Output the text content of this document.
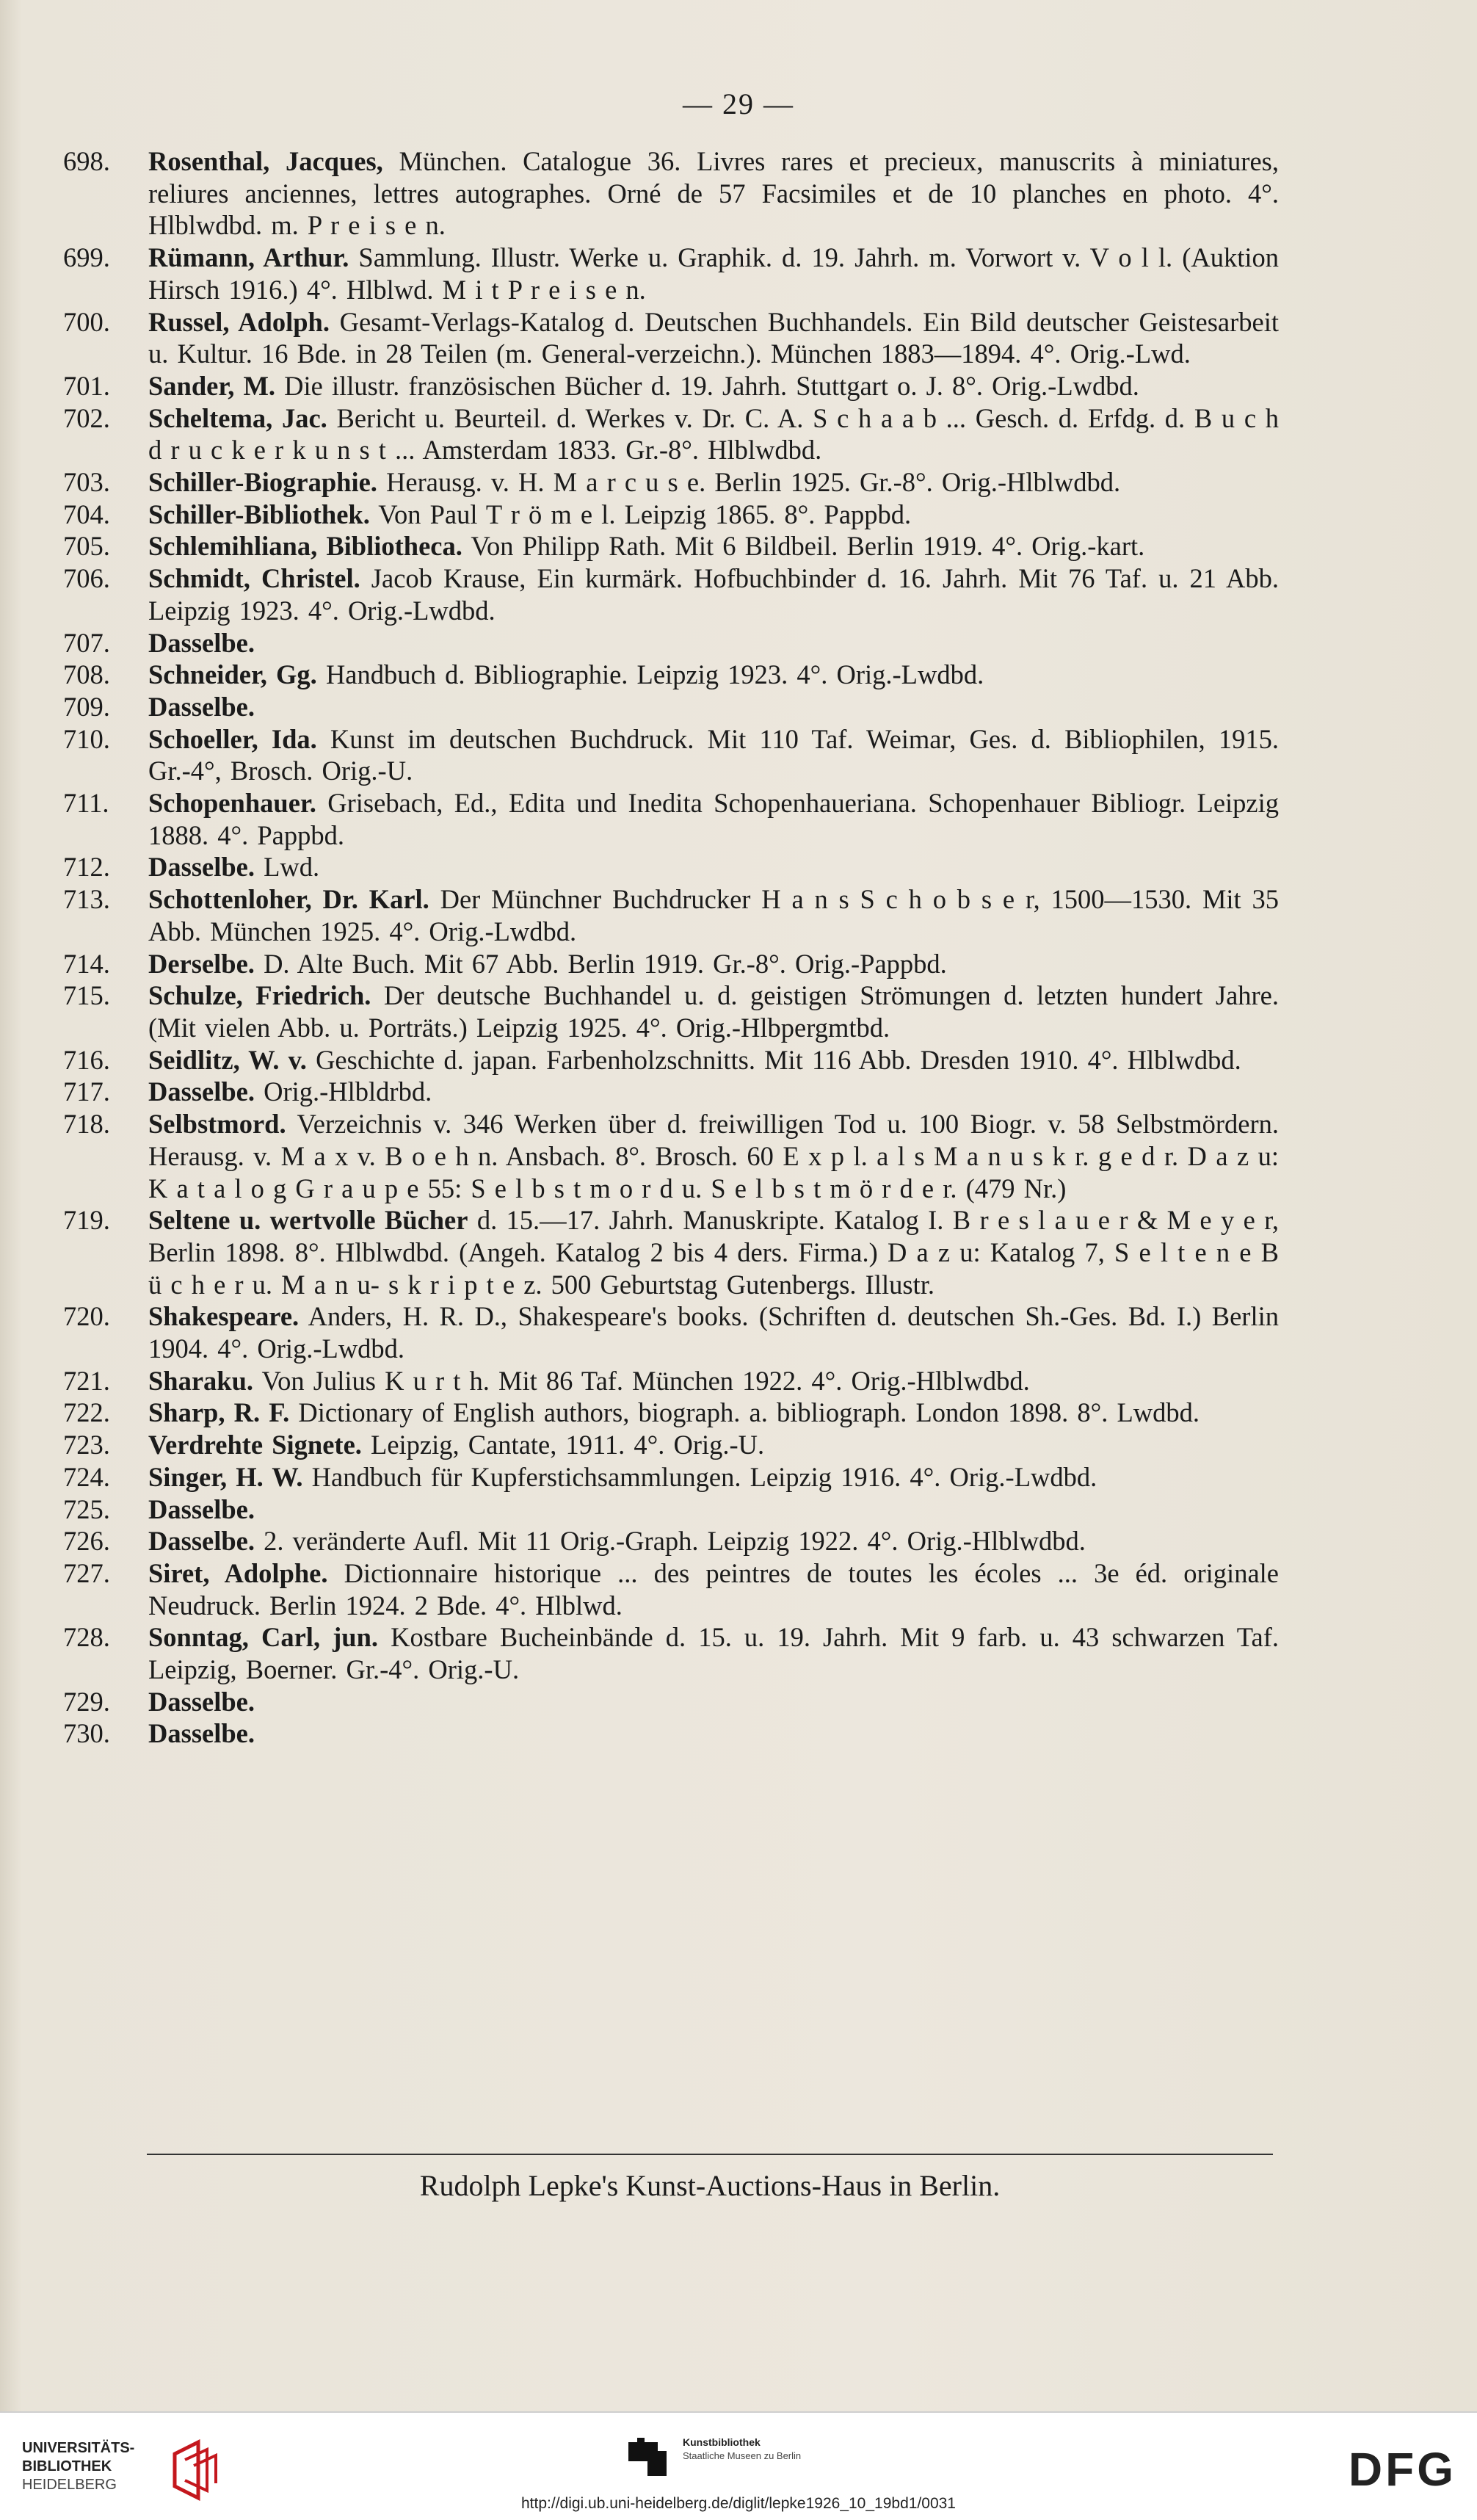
— 29 —
698.	Rosenthal, Jacques, München. Catalogue 36. Livres rares et precieux, manuscrits à miniatures, reliures anciennes, lettres autographes. Orné de 57 Facsimiles et de 10 planches en photo. 4°. Hlblwdbd. m. P r e i s e n.
699.	Rümann, Arthur. Sammlung. Illustr. Werke u. Graphik. d. 19. Jahrh. m. Vorwort v. V o l l. (Auktion Hirsch 1916.) 4°. Hlblwd. M i t P r e i s e n.
700.	Russel, Adolph. Gesamt-Verlags-Katalog d. Deutschen Buchhandels. Ein Bild deutscher Geistesarbeit u. Kultur. 16 Bde. in 28 Teilen (m. General-verzeichn.). München 1883—1894. 4°. Orig.-Lwd.
701.	Sander, M. Die illustr. französischen Bücher d. 19. Jahrh. Stuttgart o. J. 8°. Orig.-Lwdbd.
702.	Scheltema, Jac. Bericht u. Beurteil. d. Werkes v. Dr. C. A. S c h a a b ... Gesch. d. Erfdg. d. B u c h d r u c k e r k u n s t ... Amsterdam 1833. Gr.-8°. Hlblwdbd.
703.	Schiller-Biographie. Herausg. v. H. M a r c u s e. Berlin 1925. Gr.-8°. Orig.-Hlblwdbd.
704.	Schiller-Bibliothek. Von Paul T r ö m e l. Leipzig 1865. 8°. Pappbd.
705.	Schlemihliana, Bibliotheca. Von Philipp Rath. Mit 6 Bildbeil. Berlin 1919. 4°. Orig.-kart.
706.	Schmidt, Christel. Jacob Krause, Ein kurmärk. Hofbuchbinder d. 16. Jahrh. Mit 76 Taf. u. 21 Abb. Leipzig 1923. 4°. Orig.-Lwdbd.
707.	Dasselbe.
708.	Schneider, Gg. Handbuch d. Bibliographie. Leipzig 1923. 4°. Orig.-Lwdbd.
709.	Dasselbe.
710.	Schoeller, Ida. Kunst im deutschen Buchdruck. Mit 110 Taf. Weimar, Ges. d. Bibliophilen, 1915. Gr.-4°, Brosch. Orig.-U.
711.	Schopenhauer. Grisebach, Ed., Edita und Inedita Schopenhaueriana. Schopenhauer Bibliogr. Leipzig 1888. 4°. Pappbd.
712.	Dasselbe. Lwd.
713.	Schottenloher, Dr. Karl. Der Münchner Buchdrucker H a n s S c h o b s e r, 1500—1530. Mit 35 Abb. München 1925. 4°. Orig.-Lwdbd.
714.	Derselbe. D. Alte Buch. Mit 67 Abb. Berlin 1919. Gr.-8°. Orig.-Pappbd.
715.	Schulze, Friedrich. Der deutsche Buchhandel u. d. geistigen Strömungen d. letzten hundert Jahre. (Mit vielen Abb. u. Porträts.) Leipzig 1925. 4°. Orig.-Hlbpergmtbd.
716.	Seidlitz, W. v. Geschichte d. japan. Farbenholzschnitts. Mit 116 Abb. Dresden 1910. 4°. Hlblwdbd.
717.	Dasselbe. Orig.-Hlbldrbd.
718.	Selbstmord. Verzeichnis v. 346 Werken über d. freiwilligen Tod u. 100 Biogr. v. 58 Selbstmördern. Herausg. v. M a x v. B o e h n. Ansbach. 8°. Brosch. 60 E x p l. a l s M a n u s k r. g e d r. D a z u: K a t a l o g G r a u p e 55: S e l b s t m o r d u. S e l b s t m ö r d e r. (479 Nr.)
719.	Seltene u. wertvolle Bücher d. 15.—17. Jahrh. Manuskripte. Katalog I. B r e s l a u e r & M e y e r, Berlin 1898. 8°. Hlblwdbd. (Angeh. Katalog 2 bis 4 ders. Firma.) D a z u: Katalog 7, S e l t e n e B ü c h e r u. M a n u- s k r i p t e z. 500 Geburtstag Gutenbergs. Illustr.
720.	Shakespeare. Anders, H. R. D., Shakespeare's books. (Schriften d. deutschen Sh.-Ges. Bd. I.) Berlin 1904. 4°. Orig.-Lwdbd.
721.	Sharaku. Von Julius K u r t h. Mit 86 Taf. München 1922. 4°. Orig.-Hlblwdbd.
722.	Sharp, R. F. Dictionary of English authors, biograph. a. bibliograph. London 1898. 8°. Lwdbd.
723.	Verdrehte Signete. Leipzig, Cantate, 1911. 4°. Orig.-U.
724.	Singer, H. W. Handbuch für Kupferstichsammlungen. Leipzig 1916. 4°. Orig.-Lwdbd.
725.	Dasselbe.
726.	Dasselbe. 2. veränderte Aufl. Mit 11 Orig.-Graph. Leipzig 1922. 4°. Orig.-Hlblwdbd.
727.	Siret, Adolphe. Dictionnaire historique ... des peintres de toutes les écoles ... 3e éd. originale Neudruck. Berlin 1924. 2 Bde. 4°. Hlblwd.
728.	Sonntag, Carl, jun. Kostbare Bucheinbände d. 15. u. 19. Jahrh. Mit 9 farb. u. 43 schwarzen Taf. Leipzig, Boerner. Gr.-4°. Orig.-U.
729.	Dasselbe.
730.	Dasselbe.
Rudolph Lepke's Kunst-Auctions-Haus in Berlin.
UNIVERSITÄTS-
BIBLIOTHEK
HEIDELBERG
Kunstbibliothek
Staatliche Museen zu Berlin	DFG
http://digi.ub.uni-heidelberg.de/diglit/lepke1926_10_19bd1/0031
